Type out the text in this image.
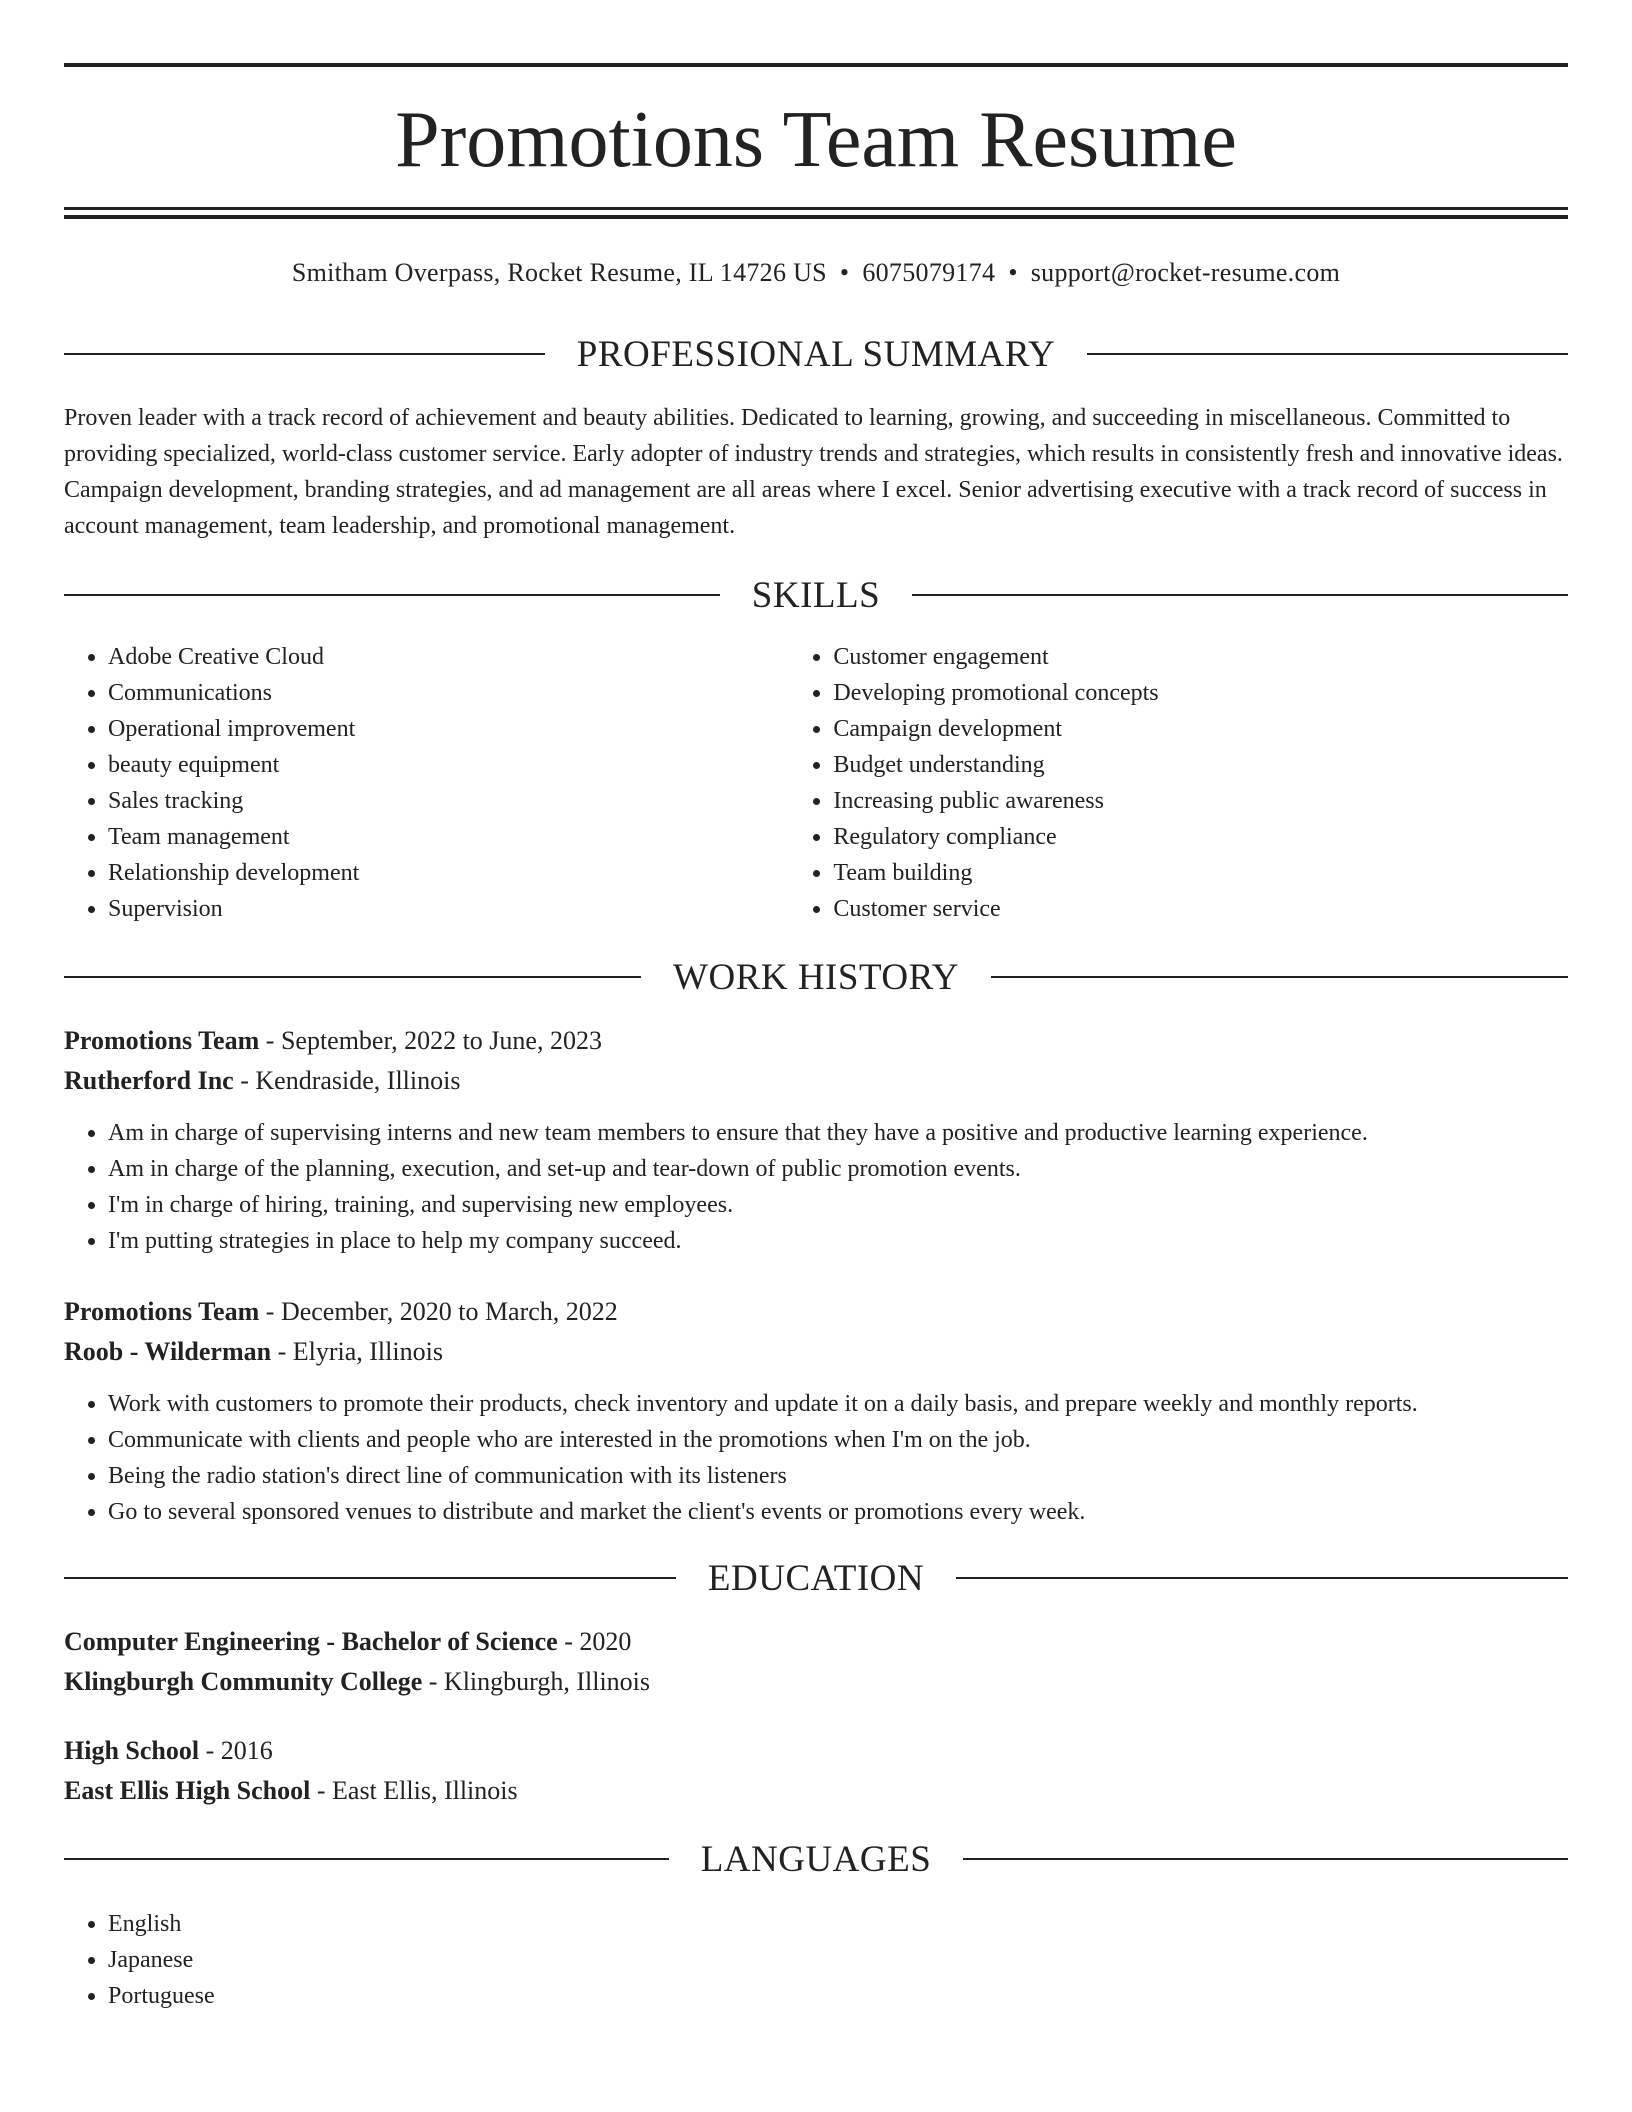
Promotions Team Resume
Smitham Overpass, Rocket Resume, IL 14726 US • 6075079174 • support@rocket-resume.com
PROFESSIONAL SUMMARY

Proven leader with a track record of achievement and beauty abilities. Dedicated to learning, growing, and succeeding in miscellaneous. Committed to providing specialized, world-class customer service. Early adopter of industry trends and strategies, which results in consistently fresh and innovative ideas. Campaign development, branding strategies, and ad management are all areas where I excel. Senior advertising executive with a track record of success in account management, team leadership, and promotional management.

SKILLS
• Adobe Creative Cloud
• Communications
• Operational improvement
• beauty equipment
• Sales tracking
• Team management
• Relationship development
• Supervision
• Customer engagement
• Developing promotional concepts
• Campaign development
• Budget understanding
• Increasing public awareness
• Regulatory compliance
• Team building
• Customer service
WORK HISTORY

Promotions Team - September, 2022 to June, 2023

Rutherford Inc - Kendraside, Illinois

• Am in charge of supervising interns and new team members to ensure that they have a positive and productive learning experience.
• Am in charge of the planning, execution, and set-up and tear-down of public promotion events.
• I'm in charge of hiring, training, and supervising new employees.
• I'm putting strategies in place to help my company succeed.

Promotions Team - December, 2020 to March, 2022

Roob - Wilderman - Elyria, Illinois

• Work with customers to promote their products, check inventory and update it on a daily basis, and prepare weekly and monthly reports.
• Communicate with clients and people who are interested in the promotions when I'm on the job.
• Being the radio station's direct line of communication with its listeners
• Go to several sponsored venues to distribute and market the client's events or promotions every week.
EDUCATION

Computer Engineering - Bachelor of Science - 2020

Klingburgh Community College - Klingburgh, Illinois

High School - 2016

East Ellis High School - East Ellis, Illinois

LANGUAGES
• English
• Japanese
• Portuguese
